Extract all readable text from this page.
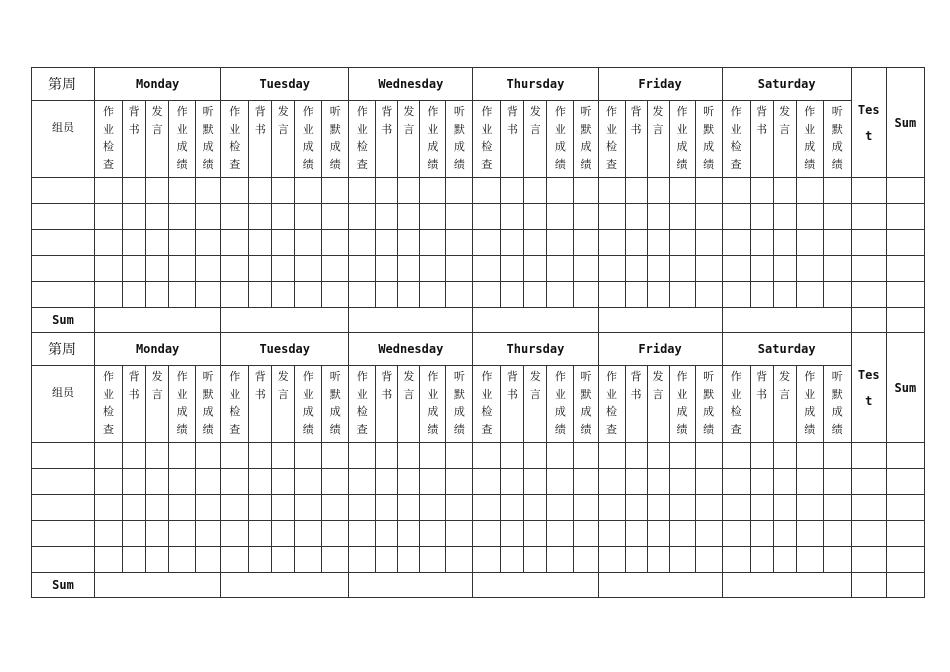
第周	Monday					Tuesday					Wednesday					Thursday					Friday					Saturday					Test	Sum
组员	作业检查	背书	发言	作业成绩	听默成绩	作业检查	背书	发言	作业成绩	听默成绩	作业检查	背书	发言	作业成绩	听默成绩	作业检查	背书	发言	作业成绩	听默成绩	作业检查	背书	发言	作业成绩	听默成绩	作业检查	背书	发言	作业成绩	听默成绩		

Sum																																
第周	Monday					Tuesday					Wednesday					Thursday					Friday					Saturday					Test	Sum
组员	作业检查	背书	发言	作业成绩	听默成绩	作业检查	背书	发言	作业成绩	听默成绩	作业检查	背书	发言	作业成绩	听默成绩	作业检查	背书	发言	作业成绩	听默成绩	作业检查	背书	发言	作业成绩	听默成绩	作业检查	背书	发言	作业成绩	听默成绩		

Sum																																
